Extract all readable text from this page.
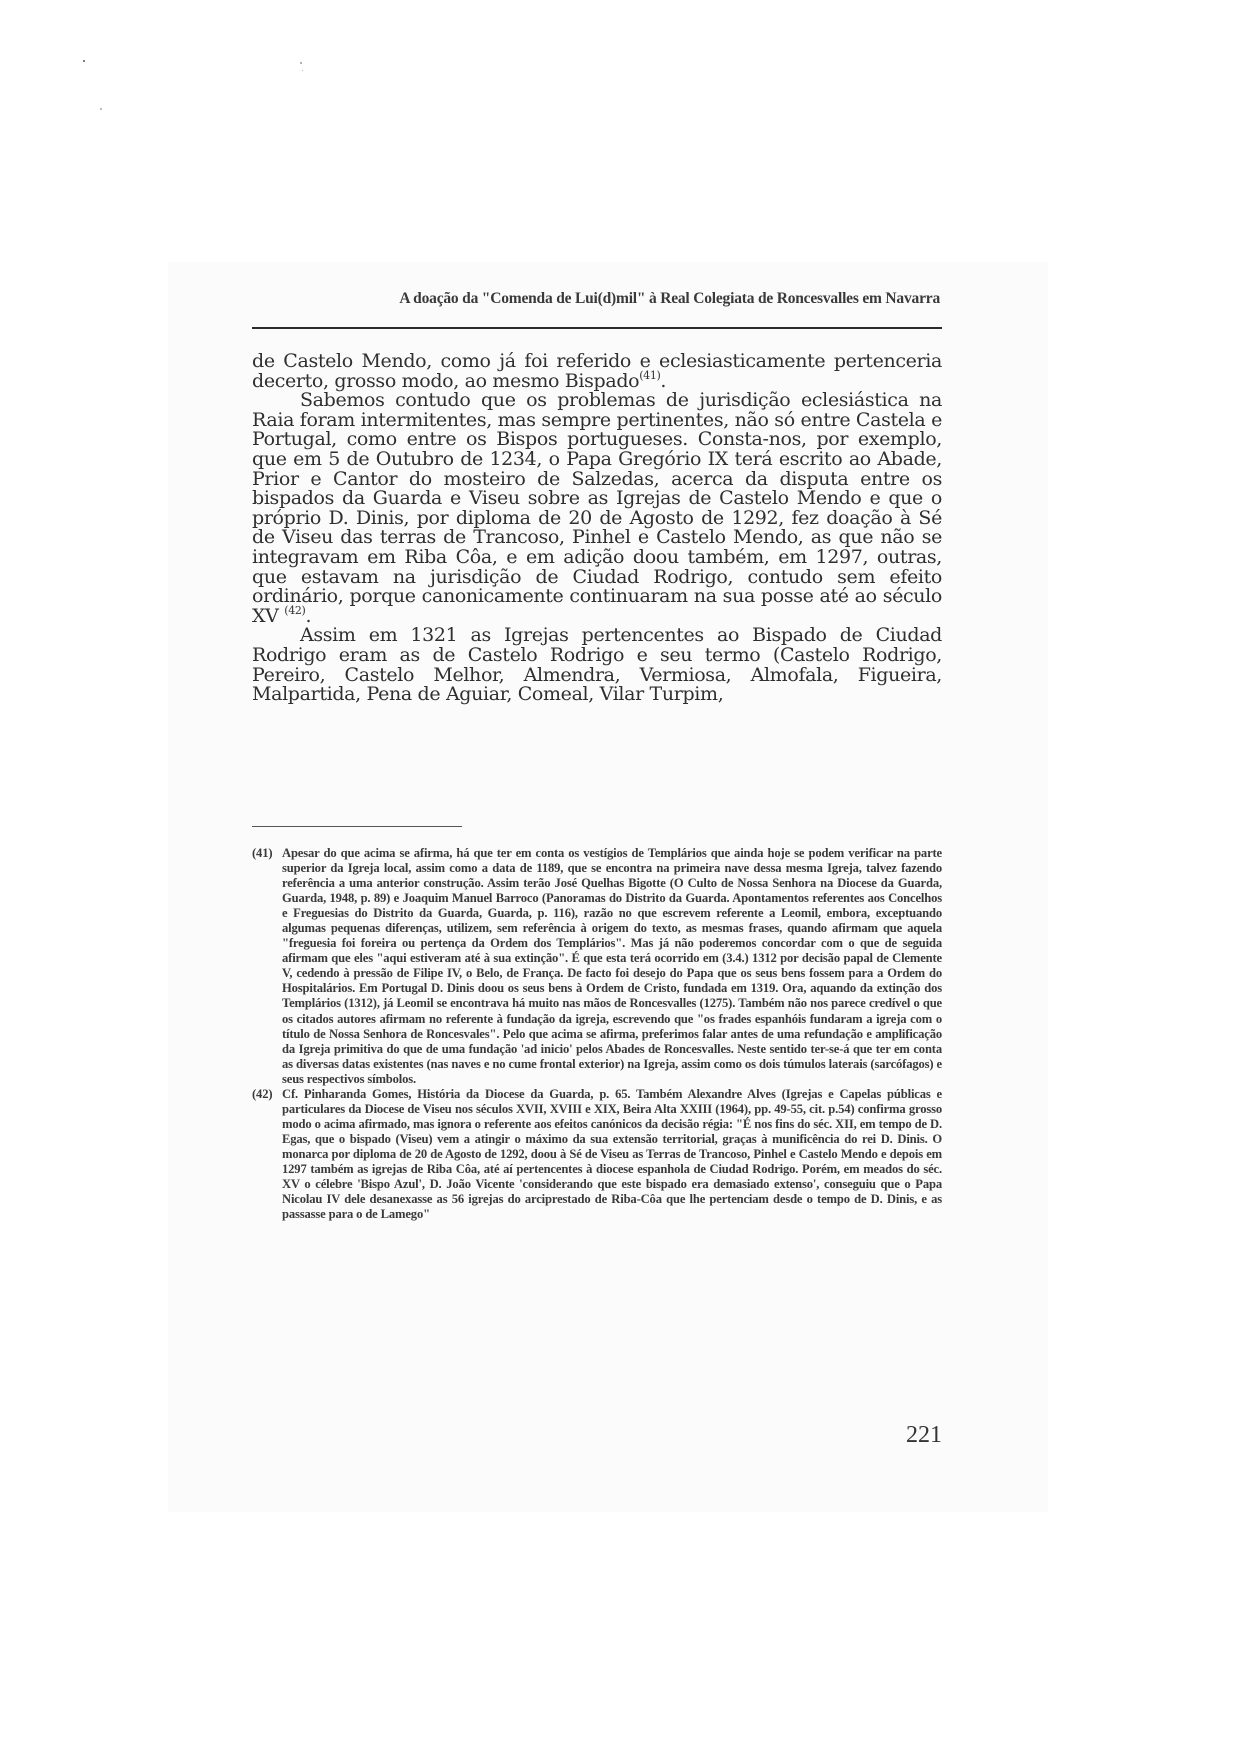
A doação da "Comenda de Lui(d)mil" à Real Colegiata de Roncesvalles em Navarra

de Castelo Mendo, como já foi referido e eclesiasticamente pertenceria decerto, grosso modo, ao mesmo Bispado$^{(41)}$.

Sabemos contudo que os problemas de jurisdição eclesiástica na Raia foram intermitentes, mas sempre pertinentes, não só entre Castela e Portugal, como entre os Bispos portugueses. Consta-nos, por exemplo, que em 5 de Outubro de 1234, o Papa Gregório IX terá escrito ao Abade, Prior e Cantor do mosteiro de Salzedas, acerca da disputa entre os bispados da Guarda e Viseu sobre as Igrejas de Castelo Mendo e que o próprio D. Dinis, por diploma de 20 de Agosto de 1292, fez doação à Sé de Viseu das terras de Trancoso, Pinhel e Castelo Mendo, as que não se integravam em Riba Côa, e em adição doou também, em 1297, outras, que estavam na jurisdição de Ciudad Rodrigo, contudo sem efeito ordinário, porque canonicamente continuaram na sua posse até ao século XV $^{(42)}$.

Assim em 1321 as Igrejas pertencentes ao Bispado de Ciudad Rodrigo eram as de Castelo Rodrigo e seu termo (Castelo Rodrigo, Pereiro, Castelo Melhor, Almendra, Vermiosa, Almofala, Figueira, Malpartida, Pena de Aguiar, Comeal, Vilar Turpim,

(41) Apesar do que acima se afirma, há que ter em conta os vestígios de Templários que ainda hoje se podem verificar na parte superior da Igreja local, assim como a data de 1189, que se encontra na primeira nave dessa mesma Igreja, talvez fazendo referência a uma anterior construção. Assim terão José Quelhas Bigotte (O Culto de Nossa Senhora na Diocese da Guarda, Guarda, 1948, p. 89) e Joaquim Manuel Barroco (Panoramas do Distrito da Guarda. Apontamentos referentes aos Concelhos e Freguesias do Distrito da Guarda, Guarda, p. 116), razão no que escrevem referente a Leomil, embora, exceptuando algumas pequenas diferenças, utilizem, sem referência à origem do texto, as mesmas frases, quando afirmam que aquela "freguesia foi foreira ou pertença da Ordem dos Templários". Mas já não poderemos concordar com o que de seguida afirmam que eles "aqui estiveram até à sua extinção". É que esta terá ocorrido em (3.4.) 1312 por decisão papal de Clemente V, cedendo à pressão de Filipe IV, o Belo, de França. De facto foi desejo do Papa que os seus bens fossem para a Ordem do Hospitalários. Em Portugal D. Dinis doou os seus bens à Ordem de Cristo, fundada em 1319. Ora, aquando da extinção dos Templários (1312), já Leomil se encontrava há muito nas mãos de Roncesvalles (1275). Também não nos parece credível o que os citados autores afirmam no referente à fundação da igreja, escrevendo que "os frades espanhóis fundaram a igreja com o título de Nossa Senhora de Roncesvales". Pelo que acima se afirma, preferimos falar antes de uma refundação e amplificação da Igreja primitiva do que de uma fundação 'ad inicio' pelos Abades de Roncesvalles. Neste sentido ter-se-á que ter em conta as diversas datas existentes (nas naves e no cume frontal exterior) na Igreja, assim como os dois túmulos laterais (sarcófagos) e seus respectivos símbolos.

(42) Cf. Pinharanda Gomes, História da Diocese da Guarda, p. 65. Também Alexandre Alves (Igrejas e Capelas públicas e particulares da Diocese de Viseu nos séculos XVII, XVIII e XIX, Beira Alta XXIII (1964), pp. 49-55, cit. p.54) confirma grosso modo o acima afirmado, mas ignora o referente aos efeitos canónicos da decisão régia: "É nos fins do séc. XII, em tempo de D. Egas, que o bispado (Viseu) vem a atingir o máximo da sua extensão territorial, graças à munificência do rei D. Dinis. O monarca por diploma de 20 de Agosto de 1292, doou à Sé de Viseu as Terras de Trancoso, Pinhel e Castelo Mendo e depois em 1297 também as igrejas de Riba Côa, até aí pertencentes à diocese espanhola de Ciudad Rodrigo. Porém, em meados do séc. XV o célebre 'Bispo Azul', D. João Vicente 'considerando que este bispado era demasiado extenso', conseguiu que o Papa Nicolau IV dele desanexasse as 56 igrejas do arciprestado de Riba-Côa que lhe pertenciam desde o tempo de D. Dinis, e as passasse para o de Lamego"

221
